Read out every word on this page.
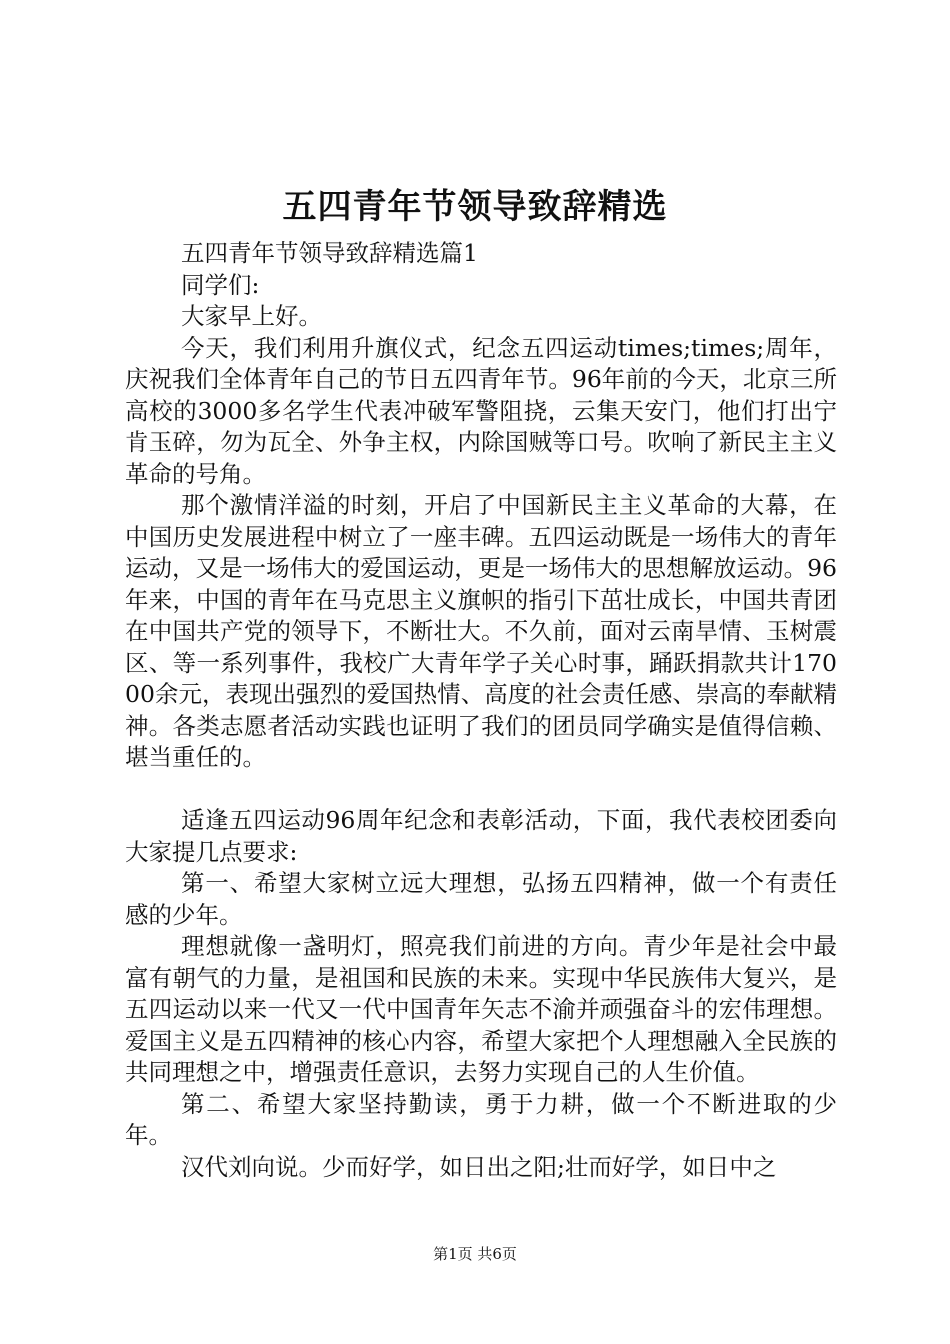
五四青年节领导致辞精选

五四青年节领导致辞精选篇1

同学们:

大家早上好。

今天，我们利用升旗仪式，纪念五四运动times;times;周年，庆祝我们全体青年自己的节日五四青年节。96年前的今天，北京三所高校的3000多名学生代表冲破军警阻挠，云集天安门，他们打出宁肯玉碎，勿为瓦全、外争主权，内除国贼等口号。吹响了新民主主义革命的号角。

那个激情洋溢的时刻，开启了中国新民主主义革命的大幕，在中国历史发展进程中树立了一座丰碑。五四运动既是一场伟大的青年运动，又是一场伟大的爱国运动，更是一场伟大的思想解放运动。96年来，中国的青年在马克思主义旗帜的指引下茁壮成长，中国共青团在中国共产党的领导下，不断壮大。不久前，面对云南旱情、玉树震区、等一系列事件，我校广大青年学子关心时事，踊跃捐款共计17000余元，表现出强烈的爱国热情、高度的社会责任感、崇高的奉献精神。各类志愿者活动实践也证明了我们的团员同学确实是值得信赖、堪当重任的。

适逢五四运动96周年纪念和表彰活动，下面，我代表校团委向大家提几点要求:

第一、希望大家树立远大理想，弘扬五四精神，做一个有责任感的少年。

理想就像一盏明灯，照亮我们前进的方向。青少年是社会中最富有朝气的力量，是祖国和民族的未来。实现中华民族伟大复兴，是五四运动以来一代又一代中国青年矢志不渝并顽强奋斗的宏伟理想。爱国主义是五四精神的核心内容，希望大家把个人理想融入全民族的共同理想之中，增强责任意识，去努力实现自己的人生价值。

第二、希望大家坚持勤读，勇于力耕，做一个不断进取的少年。

汉代刘向说。少而好学，如日出之阳;壮而好学，如日中之

第1页 共6页
